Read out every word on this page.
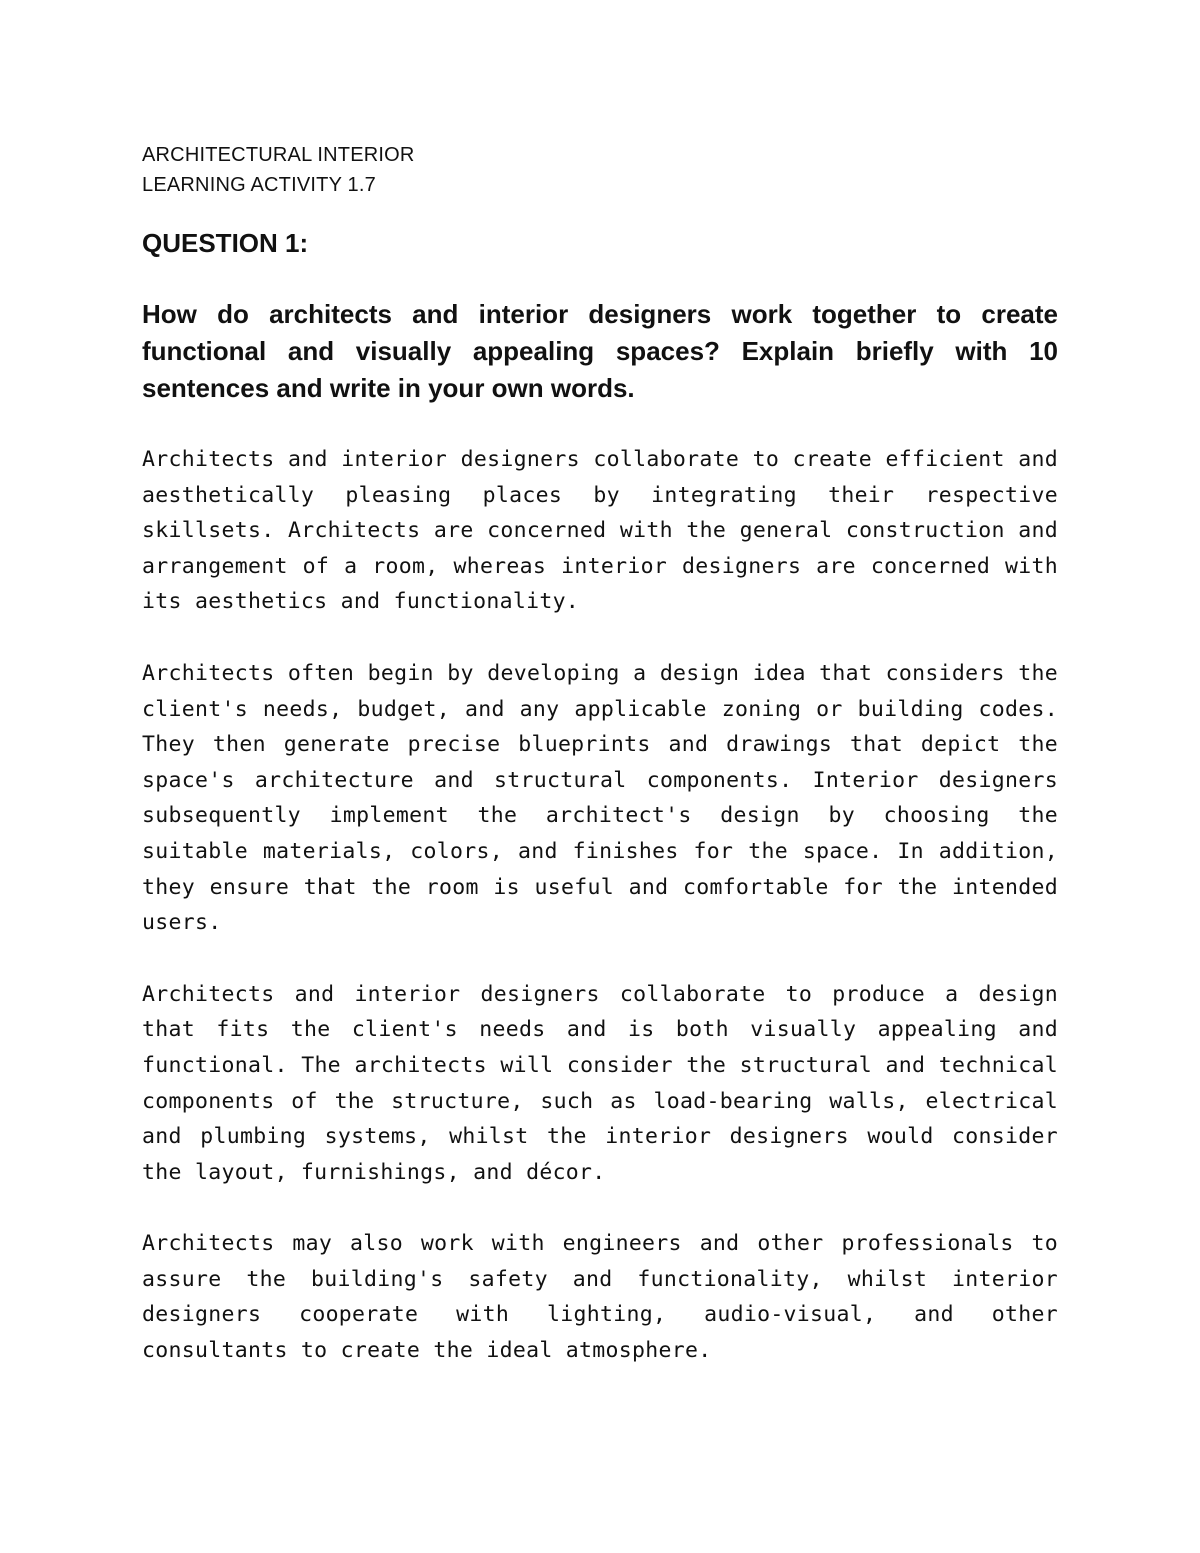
ARCHITECTURAL INTERIOR

LEARNING ACTIVITY 1.7

QUESTION 1:

How do architects and interior designers work together to create functional and visually appealing spaces? Explain briefly with 10 sentences and write in your own words.

Architects and interior designers collaborate to create efficient and aesthetically pleasing places by integrating their respective skillsets. Architects are concerned with the general construction and arrangement of a room, whereas interior designers are concerned with its aesthetics and functionality.

Architects often begin by developing a design idea that considers the client's needs, budget, and any applicable zoning or building codes. They then generate precise blueprints and drawings that depict the space's architecture and structural components. Interior designers subsequently implement the architect's design by choosing the suitable materials, colors, and finishes for the space. In addition, they ensure that the room is useful and comfortable for the intended users.

Architects and interior designers collaborate to produce a design that fits the client's needs and is both visually appealing and functional. The architects will consider the structural and technical components of the structure, such as load-bearing walls, electrical and plumbing systems, whilst the interior designers would consider the layout, furnishings, and décor.

Architects may also work with engineers and other professionals to assure the building's safety and functionality, whilst interior designers cooperate with lighting, audio-visual, and other consultants to create the ideal atmosphere.
